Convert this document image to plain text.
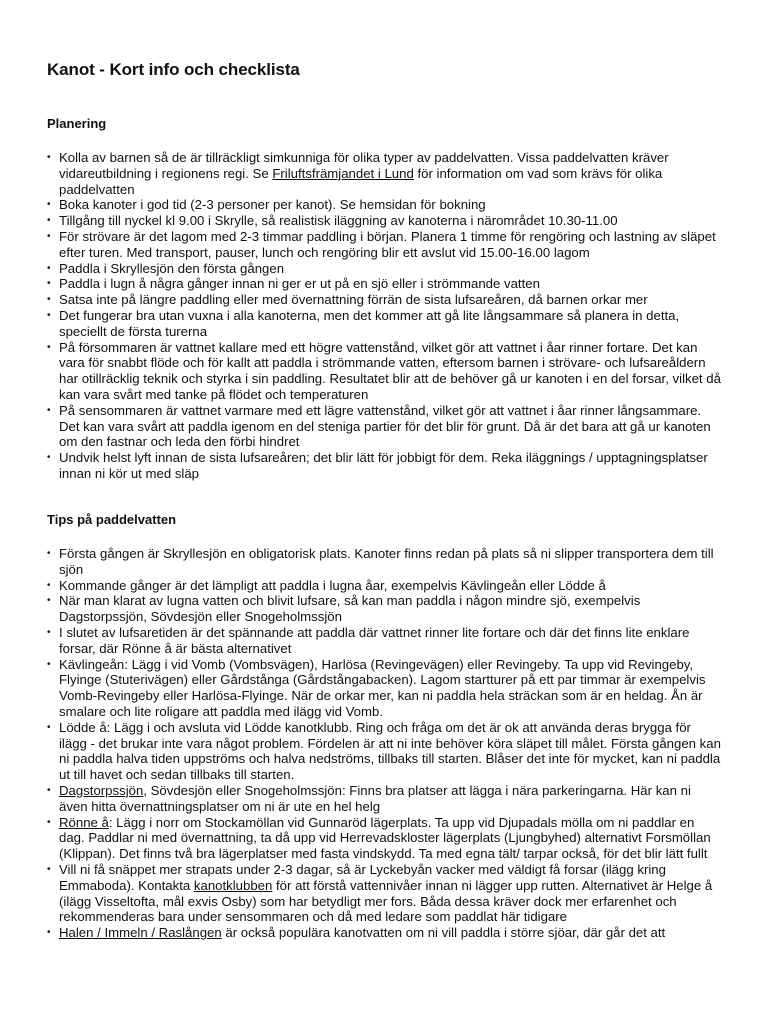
Kanot - Kort info och checklista
Planering
• Kolla av barnen så de är tillräckligt simkunniga för olika typer av paddelvatten. Vissa paddelvatten kräver vidareutbildning i regionens regi. Se Friluftsfrämjandet i Lund för information om vad som krävs för olika paddelvatten
• Boka kanoter i god tid (2-3 personer per kanot). Se hemsidan för bokning
• Tillgång till nyckel kl 9.00 i Skrylle, så realistisk iläggning av kanoterna i närområdet 10.30-11.00
• För strövare är det lagom med 2-3 timmar paddling i början. Planera 1 timme för rengöring och lastning av släpet efter turen. Med transport, pauser, lunch och rengöring blir ett avslut vid 15.00-16.00 lagom
• Paddla i Skryllesjön den första gången
• Paddla i lugn å några gånger innan ni ger er ut på en sjö eller i strömmande vatten
• Satsa inte på längre paddling eller med övernattning förrän de sista lufsareåren, då barnen orkar mer
• Det fungerar bra utan vuxna i alla kanoterna, men det kommer att gå lite långsammare så planera in detta, speciellt de första turerna
• På försommaren är vattnet kallare med ett högre vattenstånd, vilket gör att vattnet i åar rinner fortare. Det kan vara för snabbt flöde och för kallt att paddla i strömmande vatten, eftersom barnen i strövare- och lufsareåldern har otillräcklig teknik och styrka i sin paddling. Resultatet blir att de behöver gå ur kanoten i en del forsar, vilket då kan vara svårt med tanke på flödet och temperaturen
• På sensommaren är vattnet varmare med ett lägre vattenstånd, vilket gör att vattnet i åar rinner långsammare. Det kan vara svårt att paddla igenom en del steniga partier för det blir för grunt. Då är det bara att gå ur kanoten om den fastnar och leda den förbi hindret
• Undvik helst lyft innan de sista lufsareåren; det blir lätt för jobbigt för dem. Reka iläggnings / upptagningsplatser innan ni kör ut med släp
Tips på paddelvatten
• Första gången är Skryllesjön en obligatorisk plats. Kanoter finns redan på plats så ni slipper transportera dem till sjön
• Kommande gånger är det lämpligt att paddla i lugna åar, exempelvis Kävlingeån eller Lödde å
• När man klarat av lugna vatten och blivit lufsare, så kan man paddla i någon mindre sjö, exempelvis Dagstorpssjön, Sövdesjön eller Snogeholmssjön
• I slutet av lufsaretiden är det spännande att paddla där vattnet rinner lite fortare och där det finns lite enklare forsar, där Rönne å är bästa alternativet
• Kävlingeån: Lägg i vid Vomb (Vombsvägen), Harlösa (Revingevägen) eller Revingeby. Ta upp vid Revingeby, Flyinge (Stuterivägen) eller Gårdstånga (Gårdstångabacken). Lagom startturer på ett par timmar är exempelvis Vomb-Revingeby eller Harlösa-Flyinge. När de orkar mer, kan ni paddla hela sträckan som är en heldag. Ån är smalare och lite roligare att paddla med ilägg vid Vomb.
• Lödde å: Lägg i och avsluta vid Lödde kanotklubb. Ring och fråga om det är ok att använda deras brygga för ilägg - det brukar inte vara något problem. Fördelen är att ni inte behöver köra släpet till målet. Första gången kan ni paddla halva tiden uppströms och halva nedströms, tillbaks till starten. Blåser det inte för mycket, kan ni paddla ut till havet och sedan tillbaks till starten.
• Dagstorpssjön, Sövdesjön eller Snogeholmssjön: Finns bra platser att lägga i nära parkeringarna. Här kan ni även hitta övernattningsplatser om ni är ute en hel helg
• Rönne å: Lägg i norr om Stockamöllan vid Gunnaröd lägerplats. Ta upp vid Djupadals mölla om ni paddlar en dag. Paddlar ni med övernattning, ta då upp vid Herrevadskloster lägerplats (Ljungbyhed) alternativt Forsmöllan (Klippan). Det finns två bra lägerplatser med fasta vindskydd. Ta med egna tält/ tarpar också, för det blir lätt fullt
• Vill ni få snäppet mer strapats under 2-3 dagar, så är Lyckebyån vacker med väldigt få forsar (ilägg kring Emmaboda). Kontakta kanotklubben för att förstå vattennivåer innan ni lägger upp rutten. Alternativet är Helge å (ilägg Visseltofta, mål exvis Osby) som har betydligt mer fors. Båda dessa kräver dock mer erfarenhet och rekommenderas bara under sensommaren och då med ledare som paddlat här tidigare
• Halen / Immeln / Raslången är också populära kanotvatten om ni vill paddla i större sjöar, där går det att
